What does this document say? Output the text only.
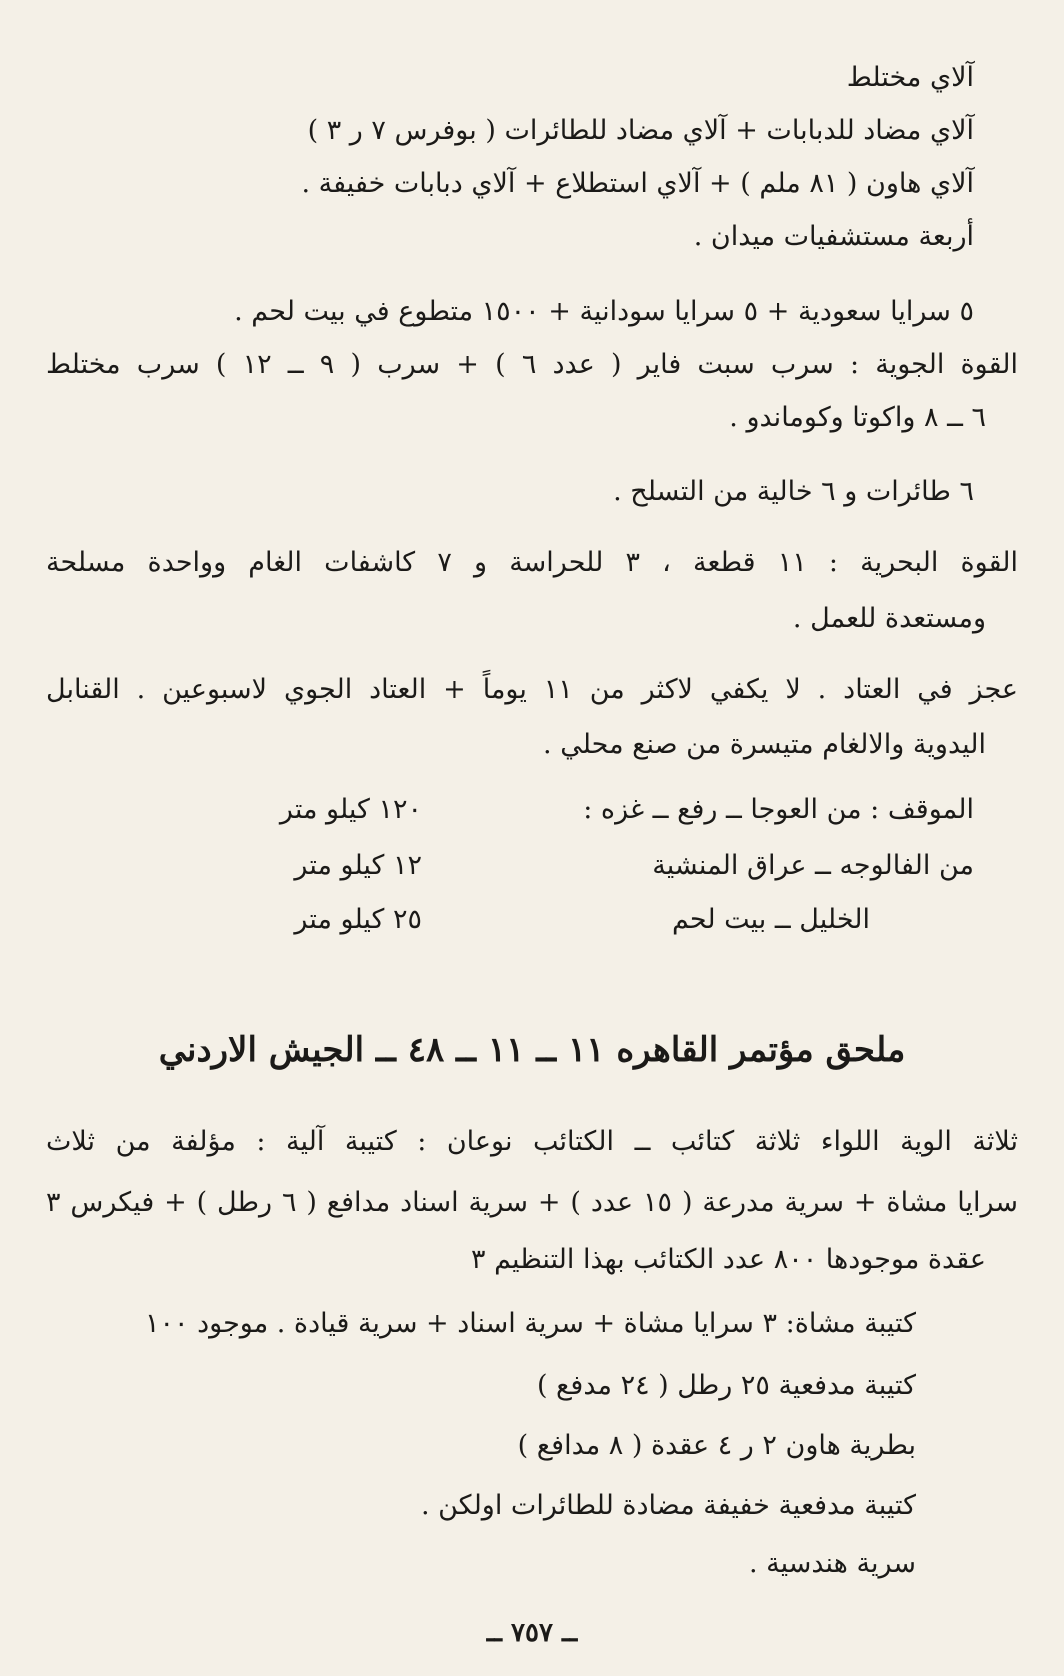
آلاي مختلط
آلاي مضاد للدبابات + آلاي مضاد للطائرات ( بوفرس ٧ ر ٣ )
آلاي هاون ( ٨١ ملم ) + آلاي استطلاع + آلاي دبابات خفيفة .
أربعة مستشفيات ميدان .
٥ سرايا سعودية + ٥ سرايا سودانية + ١٥٠٠ متطوع في بيت لحم .
القوة الجوية : سرب سبت فاير ( عدد ٦ ) + سرب ( ٩ ــ ١٢ ) سرب مختلط
٦ ــ ٨ واكوتا وكوماندو .
٦ طائرات و ٦ خالية من التسلح .
القوة البحرية : ١١ قطعة ، ٣ للحراسة و ٧ كاشفات الغام وواحدة مسلحة
ومستعدة للعمل .
عجز في العتاد . لا يكفي لاكثر من ١١ يوماً + العتاد الجوي لاسبوعين . القنابل
اليدوية والالغام متيسرة من صنع محلي .
الموقف : من العوجا ــ رفع ــ غزه :
١٢٠ كيلو متر
من الفالوجه ــ عراق المنشية
١٢ كيلو متر
الخليل ــ بيت لحم
٢٥ كيلو متر
ملحق مؤتمر القاهره ١١ ــ ١١ ــ ٤٨ ــ الجيش الاردني
ثلاثة الوية اللواء ثلاثة كتائب ــ الكتائب نوعان : كتيبة آلية : مؤلفة من ثلاث
سرايا مشاة + سرية مدرعة ( ١٥ عدد ) + سرية اسناد مدافع ( ٦ رطل ) + فيكرس ٣
عقدة موجودها ٨٠٠ عدد الكتائب بهذا التنظيم ٣
كتيبة مشاة: ٣ سرايا مشاة + سرية اسناد + سرية قيادة . موجود ١٠٠
كتيبة مدفعية ٢٥ رطل ( ٢٤ مدفع )
بطرية هاون ٢ ر ٤ عقدة ( ٨ مدافع )
كتيبة مدفعية خفيفة مضادة للطائرات اولكن .
سرية هندسية .
ــ ٧٥٧ ــ
